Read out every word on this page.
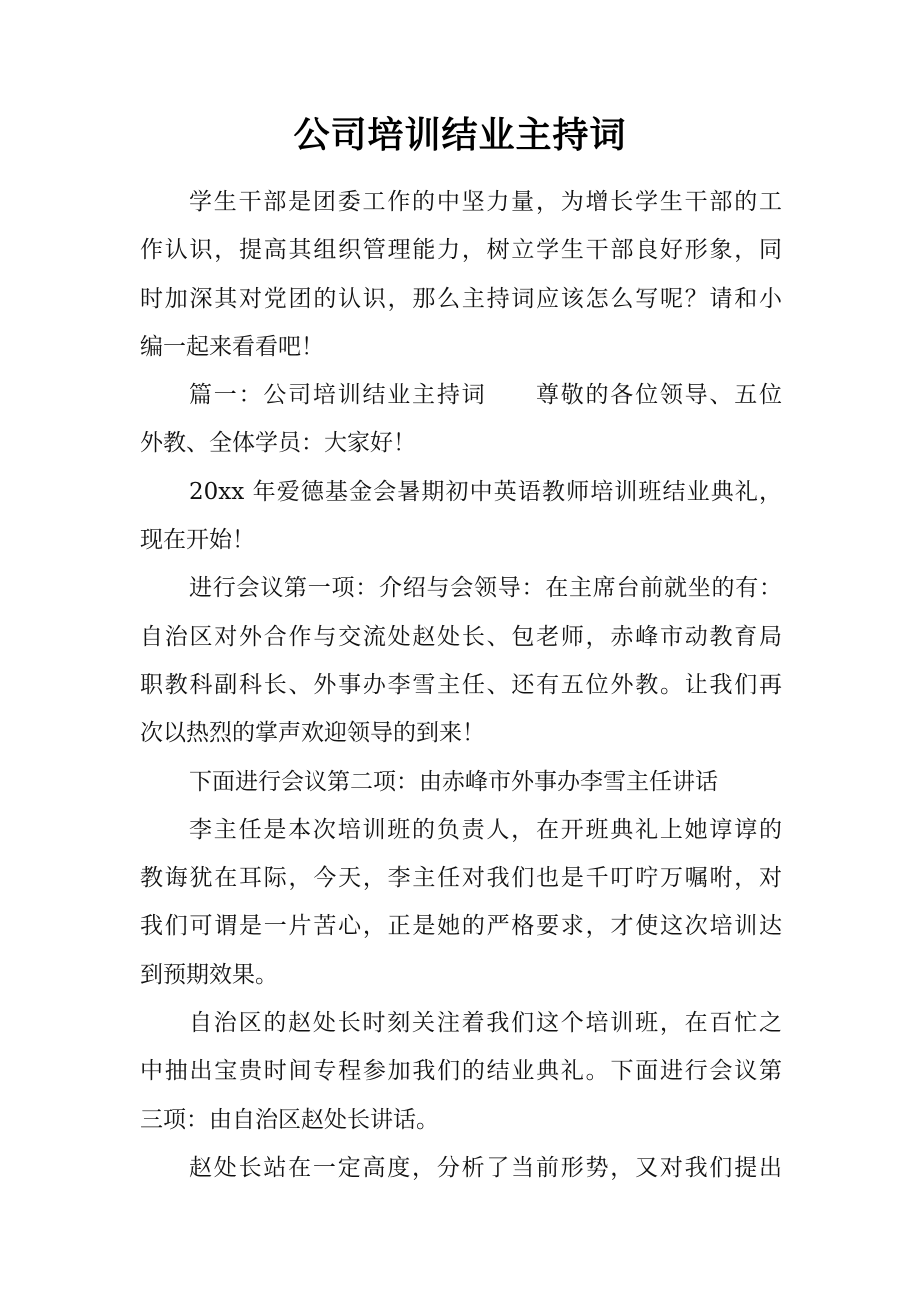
公司培训结业主持词
学生干部是团委工作的中坚力量，为增长学生干部的工
作认识，提高其组织管理能力，树立学生干部良好形象，同
时加深其对党团的认识，那么主持词应该怎么写呢？请和小
编一起来看看吧！
篇一：公司培训结业主持词　　尊敬的各位领导、五位
外教、全体学员：大家好！
20xx 年爱德基金会暑期初中英语教师培训班结业典礼，
现在开始！
进行会议第一项：介绍与会领导：在主席台前就坐的有：
自治区对外合作与交流处赵处长、包老师，赤峰市动教育局
职教科副科长、外事办李雪主任、还有五位外教。让我们再
次以热烈的掌声欢迎领导的到来！
下面进行会议第二项：由赤峰市外事办李雪主任讲话
李主任是本次培训班的负责人，在开班典礼上她谆谆的
教诲犹在耳际，今天，李主任对我们也是千叮咛万嘱咐，对
我们可谓是一片苦心，正是她的严格要求，才使这次培训达
到预期效果。
自治区的赵处长时刻关注着我们这个培训班，在百忙之
中抽出宝贵时间专程参加我们的结业典礼。下面进行会议第
三项：由自治区赵处长讲话。
赵处长站在一定高度，分析了当前形势，又对我们提出
